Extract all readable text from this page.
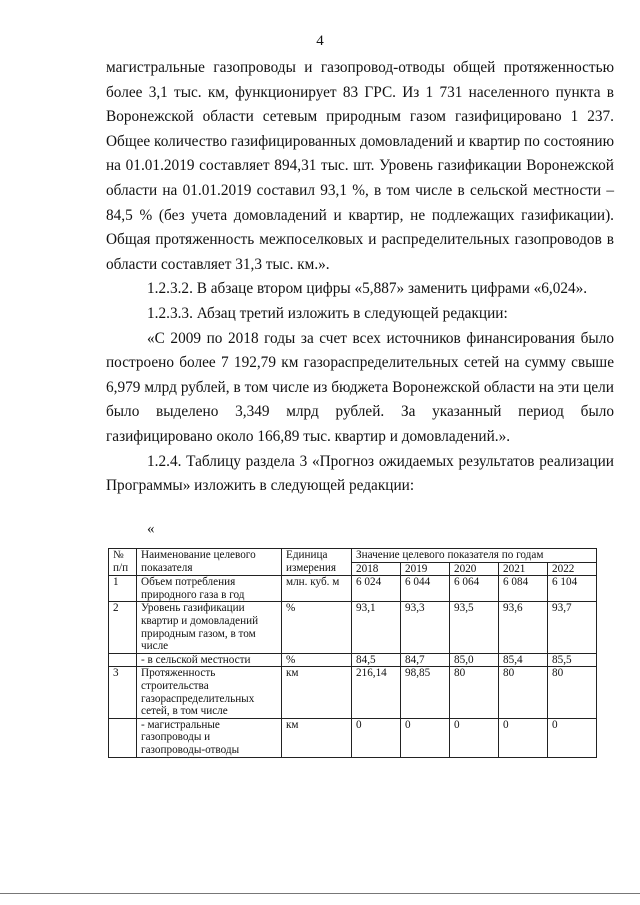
4

магистральные газопроводы и газопровод-отводы общей протяженностью более 3,1 тыс. км, функционирует 83 ГРС. Из 1 731 населенного пункта в Воронежской области сетевым природным газом газифицировано 1 237. Общее количество газифицированных домовладений и квартир по состоянию на 01.01.2019 составляет 894,31 тыс. шт. Уровень газификации Воронежской области на 01.01.2019 составил 93,1 %, в том числе в сельской местности – 84,5 % (без учета домовладений и квартир, не подлежащих газификации). Общая протяженность межпоселковых и распределительных газопроводов в области составляет 31,3 тыс. км.».

1.2.3.2. В абзаце втором цифры «5,887» заменить цифрами «6,024».

1.2.3.3. Абзац третий изложить в следующей редакции:

«С 2009 по 2018 годы за счет всех источников финансирования было построено более 7 192,79 км газораспределительных сетей на сумму свыше 6,979 млрд рублей, в том числе из бюджета Воронежской области на эти цели было выделено 3,349 млрд рублей. За указанный период было газифицировано около 166,89 тыс. квартир и домовладений.».

1.2.4. Таблицу раздела 3 «Прогноз ожидаемых результатов реализации Программы» изложить в следующей редакции:

«
№ п/п	Наименование целевого показателя	Единица измерения	Значение целевого показателя по годам				
			2018	2019	2020	2021	2022
1	Объем потребления природного газа в год	млн. куб. м	6 024	6 044	6 064	6 084	6 104
2	Уровень газификации квартир и домовладений природным газом, в том числе	%	93,1	93,3	93,5	93,6	93,7
	- в сельской местности	%	84,5	84,7	85,0	85,4	85,5
3	Протяженность строительства газораспределительных сетей, в том числе	км	216,14	98,85	80	80	80
	- магистральные газопроводы и газопроводы-отводы	км	0	0	0	0	0
